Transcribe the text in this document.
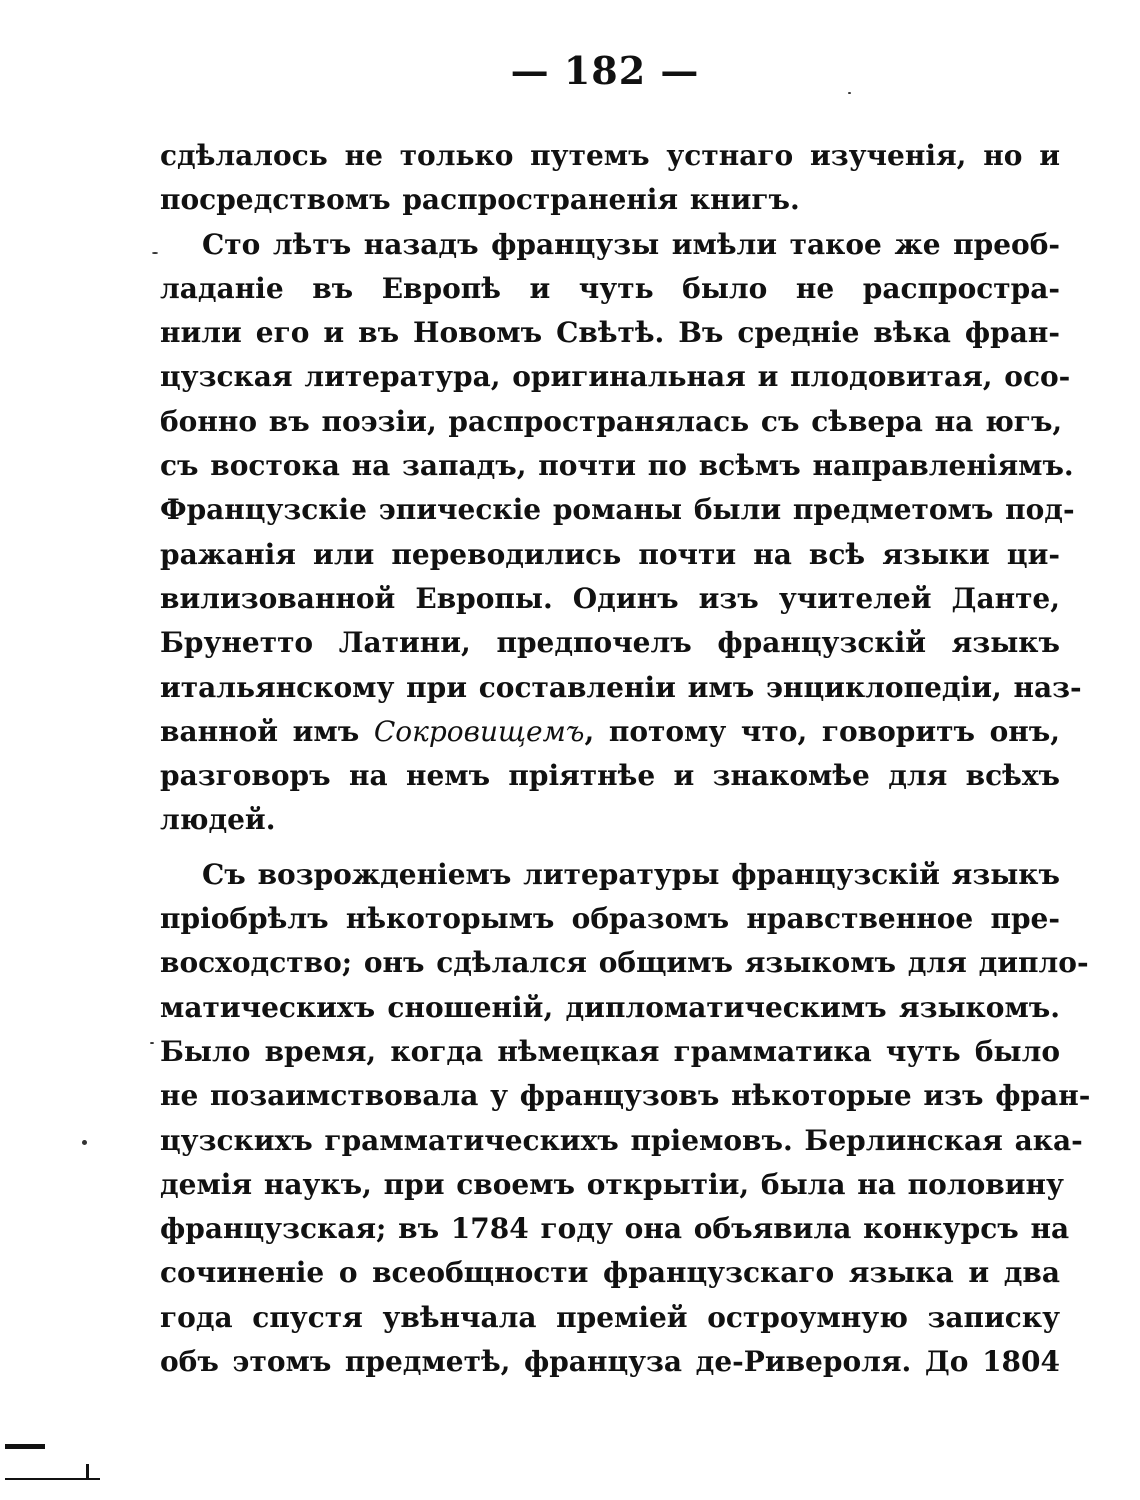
— 182 —
сдѣлалось не только путемъ устнаго изученія, но и
посредствомъ распространенія книгъ.
Сто лѣтъ назадъ французы имѣли такое же преоб-
ладаніе въ Европѣ и чуть было не распростра-
нили его и въ Новомъ Свѣтѣ. Въ средніе вѣка фран-
цузская литература, оригинальная и плодовитая, осо-
бонно въ поэзіи, распространялась съ сѣвера на югъ,
съ востока на западъ, почти по всѣмъ направленіямъ.
Французскіе эпическіе романы были предметомъ под-
ражанія или переводились почти на всѣ языки ци-
вилизованной Европы. Одинъ изъ учителей Данте,
Брунетто Латини, предпочелъ французскій языкъ
итальянскому при составленіи имъ энциклопедіи, наз-
ванной имъ Сокровищемъ, потому что, говоритъ онъ,
разговоръ на немъ пріятнѣе и знакомѣе для всѣхъ
людей.
Съ возрожденіемъ литературы французскій языкъ
пріобрѣлъ нѣкоторымъ образомъ нравственное пре-
восходство; онъ сдѣлался общимъ языкомъ для дипло-
матическихъ сношеній, дипломатическимъ языкомъ.
Было время, когда нѣмецкая грамматика чуть было
не позаимствовала у французовъ нѣкоторые изъ фран-
цузскихъ грамматическихъ пріемовъ. Берлинская ака-
демія наукъ, при своемъ открытіи, была на половину
французская; въ 1784 году она объявила конкурсъ на
сочиненіе о всеобщности французскаго языка и два
года спустя увѣнчала преміей остроумную записку
объ этомъ предметѣ, француза де-Ривероля. До 1804
